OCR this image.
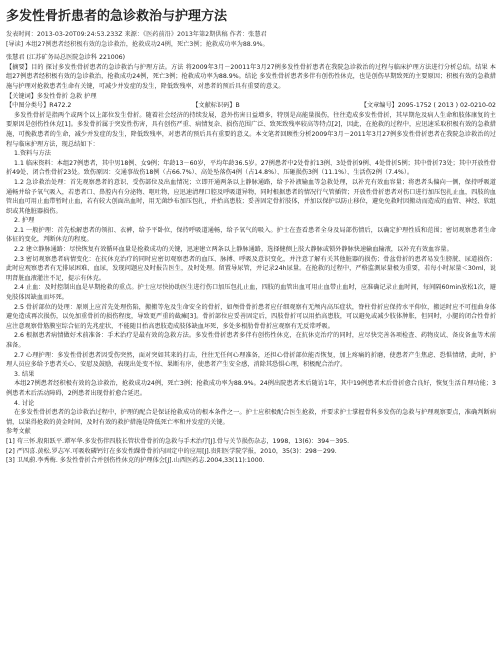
多发性骨折患者的急诊救治与护理方法
发表时间：2013-03-20T09:24:53.233Z 来源：《医药前沿》2013年第2期供稿 作者：张慧君
[导读] 本组27例患者经积极有效的急诊救治，抢救成功24例，死亡3例；抢救成功率为88.9%。
张慧君 (江苏矿务局总医院急诊科 221006)
【摘要】目的 探讨多发性骨折患者的急诊救治与护理方法。方法 将2009年3月－20011年3月27例多发性骨折患者在我院急诊救治的过程与临床护理方法进行分析总结。结果 本组27例患者经积极有效的急诊救治，抢救成功24例，死亡3例；抢救成功率为88.9%。结论 多发性骨折患者多伴有创伤性休克，也是创伤早期致死的主要原因；积极有效的急救措施与护理对抢救患者生命有关键，可减少并发症的发生，降低致残率，对患者的预后具有重要的意义。
【关键词】多发性骨折 急救 护理
【中图分类号】R472.2	【文献标识码】B	【文章编号】2095-1752 ( 2013 ) 02-0210-02
多发性骨折是指两个或两个以上部位发生骨折。随着社会经济的持续发展，意外伤害日益增多，特别是高能量损伤，往往造成多发性骨折，其早期危及病人生命和肢体康复的主要原因是创伤性休克[1]。多发骨折属于突发性伤害，具有创伤严重、病情复杂、损伤范围广泛、致死致残率较高等特点[2]，因此，在抢救的过程中，应迅速采取积极有效的急救措施，可挽救患者的生命，减少并发症的发生，降低致残率，对患者的预后具有重要的意义。本文笔者回顾性分析2009年3月－2011年3月27例多发性骨折患者在我院急诊救治的过程与临床护理方法，现总结如下：
1.资料与方法
1.1 临床资料：本组27例患者，其中男18例、女9例；年龄13－60岁，平均年龄36.5岁。27例患者中2处骨折13例、3处骨折9例、4处骨折5例；其中骨折73处；其中开放性骨折49处、闭合性骨折23处。致伤原因：交通事故伤18例（占66.7%）、高处坠落伤4例（占14.8%）、压砸损伤3例（11.1%）、生活伤2例（7.4%）。
1.2 急诊救治处理：首先观察患者的意识、受伤部位及出血情况；立即开通两条以上静脉通路，给予补液输血等急救处理，以补充有效血容量；将患者头偏向一侧，保持呼吸道通畅并给予氧气吸入，若患者口、鼻腔内有分泌物、呕吐物，应迅速清理口腔及呼吸道异物，同时根据患者的情况行气管插管；开放性骨折患者对伤口进行加压包扎止血，四肢的血管出血可用止血带暂时止血，若有较大创面出血时，用无菌纱布加压包扎，并抬高患肢；妥善固定骨折肢体，并加以保护以防止移位，避免免救时因搬动而造成的血管、神经、软组织或其他脏器损伤。
2. 护理
2.1 一般护理：首先松解患者的领扣、衣裤，给予平卧位，保持呼吸道通畅，给予氧气的吸入。护士在查看患者全身及局部伤情后，以确定护理性质和范围；密切观察患者生命体征的变化，判断休克的程度。
2.2 建立静脉通路：尽快恢复有效循环血量是抢救成功的关键，迅速建立两条以上静脉通路，选择健侧上肢大静脉或锁外静脉快速输血输液，以补充有效血容量。
2.3 密切观察患者病情变化：在抗休克治疗的同时应密切观察患者的血压、脉搏、呼吸及意识变化，并注意了解有关其他脏器的损伤；骨盆骨折的患者易发生膀胱、尿道损伤；此时应观察患者有无排尿困难、血尿，发现问题应及时报告医生，及时处理。留置导尿管，并记录24h尿量。在抢救的过程中，严格监测尿量极为重要，若每小时尿量＜30ml，说明肾脏血液灌注不足，提示有休克。
2.4 止血：及时控制出血是早期抢救的重点。护士应尽快协助医生进行伤口加压包扎止血，四肢的血管出血可用止血带止血时，应准确记录止血时间，每间隔60min放松1次，避免肢体因缺血而坏死。
2.5 骨折部位的处理：原则上应首先处理伤陷，搬搬等危及生命安全的骨折，如颅骨骨折患者应仔细观察有无颅内高压症状，脊柱骨折应保持水平仰位，搬运时应不可扭曲身体避免造成再次损伤，以免加重骨折的损伤程度，导致更严重的截瘫[3]。骨折部位应妥善固定后，四肢骨折可以用抬高患肢，可以避免或减少肢体肿胀，但同时，小腿的闭合性骨折应注意观察骨筋膜室综合征的先兆症状，不能随目抬高患肢造成肢体缺血坏死，多处多根肋骨骨折应观察有无反常呼吸。
2.6 根据患者病情做好术前准备：手术治疗是最有效的急救方法。多发性骨折患者多伴有创伤性休克，在抗休克治疗的同时，应尽快完善各项检查、药物皮试、备皮备血等术前准备。
2.7 心理护理：多发性骨折患者因受伤突然，面对突如其来的打击，往往无任何心理准备，还担心骨折部位能否恢复，加上疼痛的折磨，使患者产生焦虑、恐惧情绪，此时，护理人员应多给予患者关心、安慰及鼓励，表现出处变不惊、果断有序，使患者产生安全感，消除其恐惧心理，积极配合治疗。
3. 结果
本组27例患者经积极有效的急诊救治，抢救成功24例，死亡3例；抢救成功率为88.9%。24例出院患者术后随访1年，其中19例患者术后骨折愈合良好，恢复生活自理功能；3例患者术后活动障碍，2例患者出现骨折愈合延迟。
4. 讨论
在多发性骨折患者的急诊救治过程中，护理的配合是保证抢救成功的根本条件之一。护士应积极配合医生抢救，并要求护士掌握骨科多发伤的急救与护理观察要点，准确判断病情，以果得抢救的黄金时间，及时有效的救护措施是降低死亡率和并发症的关键。
参考文献
[1] 苟三怀.殷阳跃平.谭军华.多发伤伴四肢长管状骨骨折的急救与手术治疗[J].骨与关节损伤杂志，1998，13(6)：394－395.
[2] 严四喜.黄松.罗志军.可吸收磷钙钉在多发性踝骨骨折内固定中的应用[J].贵阳医学院学报，2010，35(3)：298－299.
[3] 卫凤蔚.李秀梅. 多发性骨折合并创伤性休克的护理体会[J].山西医药志.2004,33(11):1000.
